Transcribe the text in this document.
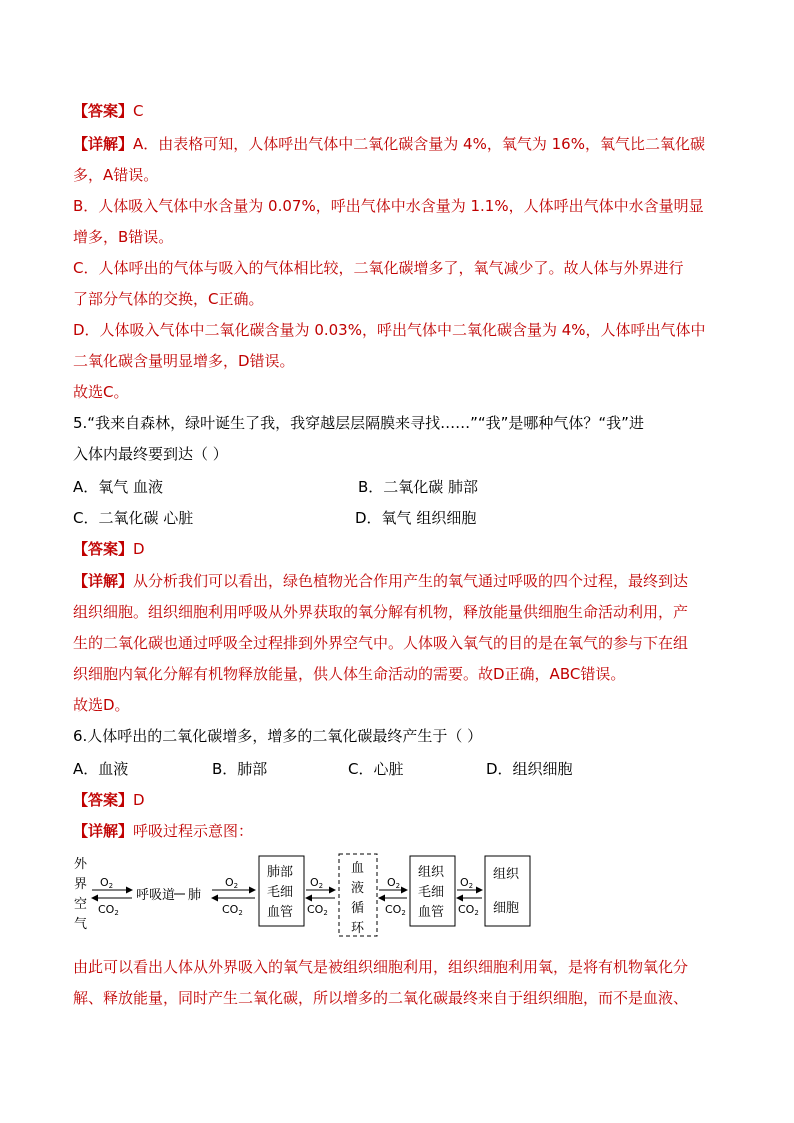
【答案】C
【详解】A．由表格可知，人体呼出气体中二氧化碳含量为 4%，氧气为 16%，氧气比二氧化碳
多，A错误。
B．人体吸入气体中水含量为 0.07%，呼出气体中水含量为 1.1%，人体呼出气体中水含量明显
增多，B错误。
C．人体呼出的气体与吸入的气体相比较，二氧化碳增多了，氧气减少了。故人体与外界进行
了部分气体的交换，C正确。
D．人体吸入气体中二氧化碳含量为 0.03%，呼出气体中二氧化碳含量为 4%，人体呼出气体中
二氧化碳含量明显增多，D错误。
故选C。
5.“我来自森林，绿叶诞生了我，我穿越层层隔膜来寻找……”“我”是哪种气体？“我”进
入体内最终要到达（ ）
A．氧气 血液	B．二氧化碳 肺部
C．二氧化碳 心脏	D．氧气 组织细胞
【答案】D
【详解】从分析我们可以看出，绿色植物光合作用产生的氧气通过呼吸的四个过程，最终到达
组织细胞。组织细胞利用呼吸从外界获取的氧分解有机物，释放能量供细胞生命活动利用，产
生的二氧化碳也通过呼吸全过程排到外界空气中。人体吸入氧气的目的是在氧气的参与下在组
织细胞内氧化分解有机物释放能量，供人体生命活动的需要。故D正确，ABC错误。
故选D。
6.人体呼出的二氧化碳增多，增多的二氧化碳最终产生于（ ）
A．血液	B．肺部	C．心脏	D．组织细胞
【答案】D
【详解】呼吸过程示意图：
外
界
空
气
O2
CO2
呼吸道 肺
O2
CO2
肺部
毛细
血管
O2
CO2
血
液
循
环
O2
CO2
组织
毛细
血管
O2
CO2
组织
细胞
由此可以看出人体从外界吸入的氧气是被组织细胞利用，组织细胞利用氧，是将有机物氧化分
解、释放能量，同时产生二氧化碳，所以增多的二氧化碳最终来自于组织细胞，而不是血液、
